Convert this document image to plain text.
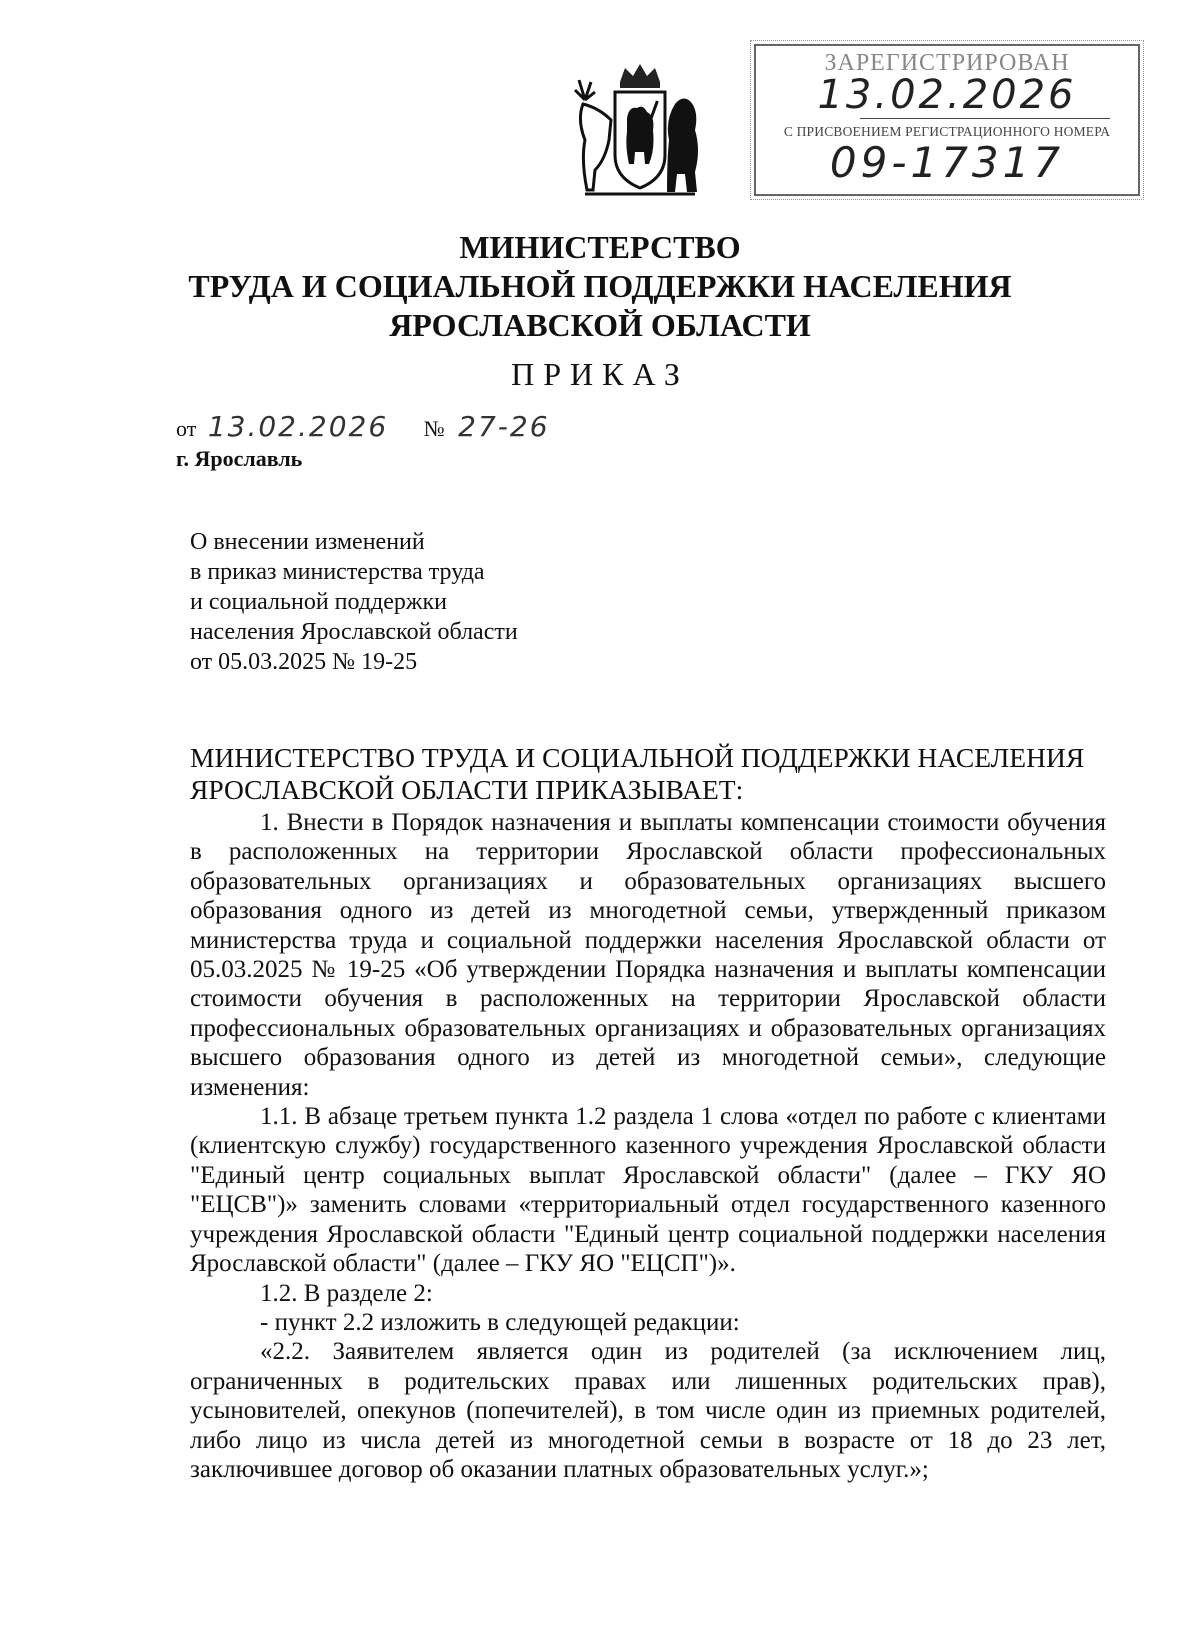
ЗАРЕГИСТРИРОВАН
13.02.2026
С ПРИСВОЕНИЕМ РЕГИСТРАЦИОННОГО НОМЕРА
09-17317
МИНИСТЕРСТВО
ТРУДА И СОЦИАЛЬНОЙ ПОДДЕРЖКИ НАСЕЛЕНИЯ
ЯРОСЛАВСКОЙ ОБЛАСТИ
ПРИКАЗ
от 13.02.2026 № 27-26
г. Ярославль
О внесении изменений
в приказ министерства труда
и социальной поддержки
населения Ярославской области
от 05.03.2025 № 19-25
МИНИСТЕРСТВО ТРУДА И СОЦИАЛЬНОЙ ПОДДЕРЖКИ НАСЕЛЕНИЯ
ЯРОСЛАВСКОЙ ОБЛАСТИ ПРИКАЗЫВАЕТ:

1. Внести в Порядок назначения и выплаты компенсации стоимости обучения в расположенных на территории Ярославской области профессиональных образовательных организациях и образовательных организациях высшего образования одного из детей из многодетной семьи, утвержденный приказом министерства труда и социальной поддержки населения Ярославской области от 05.03.2025 № 19-25 «Об утверждении Порядка назначения и выплаты компенсации стоимости обучения в расположенных на территории Ярославской области профессиональных образовательных организациях и образовательных организациях высшего образования одного из детей из многодетной семьи», следующие изменения:

1.1. В абзаце третьем пункта 1.2 раздела 1 слова «отдел по работе с клиентами (клиентскую службу) государственного казенного учреждения Ярославской области "Единый центр социальных выплат Ярославской области" (далее – ГКУ ЯО "ЕЦСВ")» заменить словами «территориальный отдел государственного казенного учреждения Ярославской области "Единый центр социальной поддержки населения Ярославской области" (далее – ГКУ ЯО "ЕЦСП")».

1.2. В разделе 2:

- пункт 2.2 изложить в следующей редакции:

«2.2. Заявителем является один из родителей (за исключением лиц, ограниченных в родительских правах или лишенных родительских прав), усыновителей, опекунов (попечителей), в том числе один из приемных родителей, либо лицо из числа детей из многодетной семьи в возрасте от 18 до 23 лет, заключившее договор об оказании платных образовательных услуг.»;
